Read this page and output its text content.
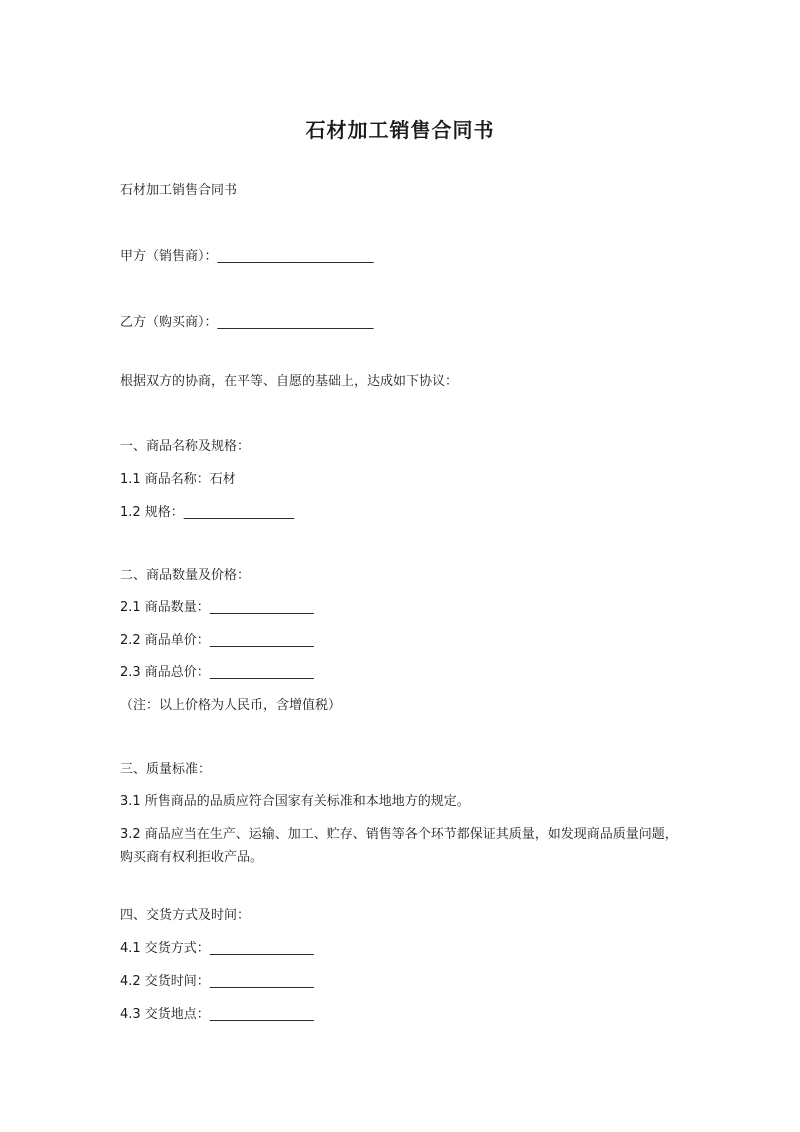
石材加工销售合同书

石材加工销售合同书

甲方（销售商）：________________________

乙方（购买商）：________________________

根据双方的协商，在平等、自愿的基础上，达成如下协议：

一、商品名称及规格：

1.1 商品名称：石材

1.2 规格：_________________

二、商品数量及价格：

2.1 商品数量：________________

2.2 商品单价：________________

2.3 商品总价：________________

（注：以上价格为人民币，含增值税）

三、质量标准：

3.1 所售商品的品质应符合国家有关标准和本地地方的规定。

3.2 商品应当在生产、运输、加工、贮存、销售等各个环节都保证其质量，如发现商品质量问题，购买商有权利拒收产品。

四、交货方式及时间：

4.1 交货方式：________________

4.2 交货时间：________________

4.3 交货地点：________________
